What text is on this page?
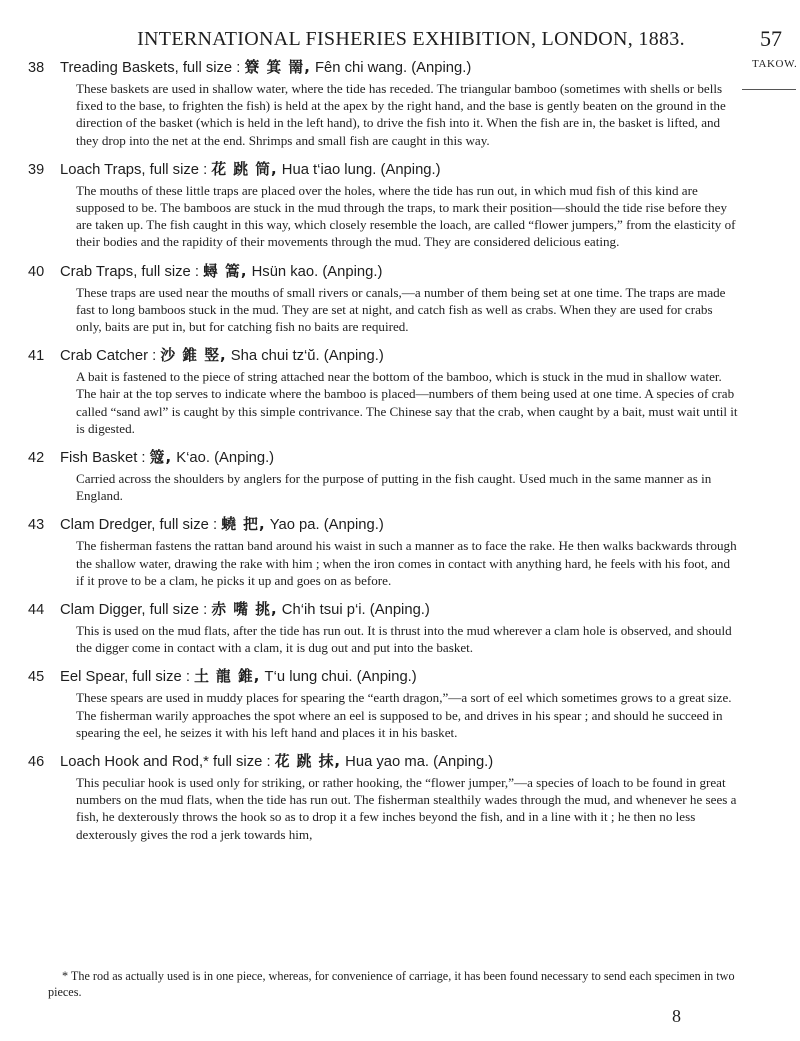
INTERNATIONAL FISHERIES EXHIBITION, LONDON, 1883.	57
TAKOW.
38	Treading Baskets, full size : 簝 箕 罱, Fên chi wang. (Anping.)
These baskets are used in shallow water, where the tide has receded. The triangular bamboo (sometimes with shells or bells fixed to the base, to frighten the fish) is held at the apex by the right hand, and the base is gently beaten on the ground in the direction of the basket (which is held in the left hand), to drive the fish into it. When the fish are in, the basket is lifted, and they drop into the net at the end. Shrimps and small fish are caught in this way.
39	Loach Traps, full size : 花 跳 筒, Hua t‘iao lung. (Anping.)
The mouths of these little traps are placed over the holes, where the tide has run out, in which mud fish of this kind are supposed to be. The bamboos are stuck in the mud through the traps, to mark their position—should the tide rise before they are taken up. The fish caught in this way, which closely resemble the loach, are called “flower jumpers,” from the elasticity of their bodies and the rapidity of their movements through the mud. They are considered delicious eating.
40	Crab Traps, full size : 蟳 篙, Hsün kao. (Anping.)
These traps are used near the mouths of small rivers or canals,—a number of them being set at one time. The traps are made fast to long bamboos stuck in the mud. They are set at night, and catch fish as well as crabs. When they are used for crabs only, baits are put in, but for catching fish no baits are required.
41	Crab Catcher : 沙 錐 竪, Sha chui tz‘ŭ. (Anping.)
A bait is fastened to the piece of string attached near the bottom of the bamboo, which is stuck in the mud in shallow water. The hair at the top serves to indicate where the bamboo is placed—numbers of them being used at one time. A species of crab called “sand awl” is caught by this simple contrivance. The Chinese say that the crab, when caught by a bait, must wait until it is digested.
42	Fish Basket : 簆, K‘ao. (Anping.)
Carried across the shoulders by anglers for the purpose of putting in the fish caught. Used much in the same manner as in England.
43	Clam Dredger, full size : 蟯 把, Yao pa. (Anping.)
The fisherman fastens the rattan band around his waist in such a manner as to face the rake. He then walks backwards through the shallow water, drawing the rake with him ; when the iron comes in contact with anything hard, he feels with his foot, and if it prove to be a clam, he picks it up and goes on as before.
44	Clam Digger, full size : 赤 嘴 挑, Ch‘ih tsui p‘i. (Anping.)
This is used on the mud flats, after the tide has run out. It is thrust into the mud wherever a clam hole is observed, and should the digger come in contact with a clam, it is dug out and put into the basket.
45	Eel Spear, full size : 土 龍 錐, T‘u lung chui. (Anping.)
These spears are used in muddy places for spearing the “earth dragon,”—a sort of eel which sometimes grows to a great size. The fisherman warily approaches the spot where an eel is supposed to be, and drives in his spear ; and should he succeed in spearing the eel, he seizes it with his left hand and places it in his basket.
46	Loach Hook and Rod,* full size : 花 跳 抹, Hua yao ma. (Anping.)
This peculiar hook is used only for striking, or rather hooking, the “flower jumper,”—a species of loach to be found in great numbers on the mud flats, when the tide has run out. The fisherman stealthily wades through the mud, and whenever he sees a fish, he dexterously throws the hook so as to drop it a few inches beyond the fish, and in a line with it ; he then no less dexterously gives the rod a jerk towards him,
* The rod as actually used is in one piece, whereas, for convenience of carriage, it has been found necessary to send each specimen in two pieces.
8
